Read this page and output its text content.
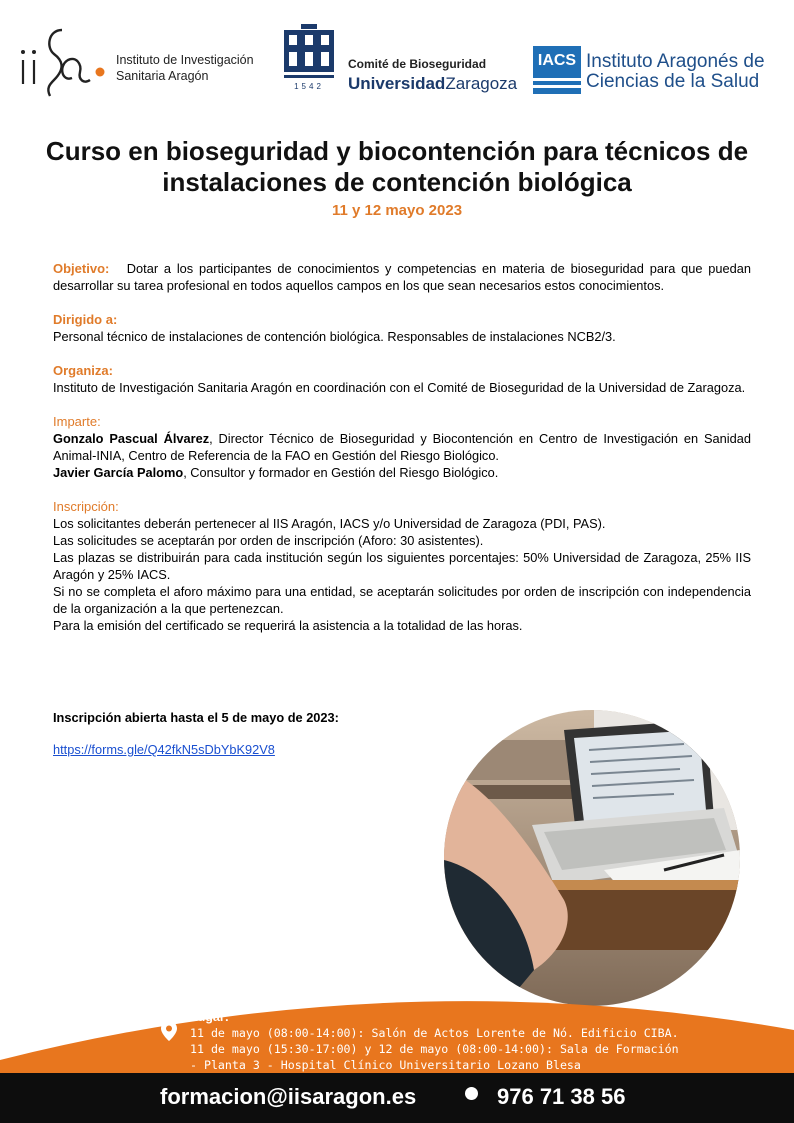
Instituto de Investigación
Sanitaria Aragón
1542
Comité de Bioseguridad
UniversidadZaragoza
IACS Instituto Aragonés de
Ciencias de la Salud
Curso en bioseguridad y biocontención para técnicos de
instalaciones de contención biológica
11 y 12 mayo 2023
Objetivo: Dotar a los participantes de conocimientos y competencias en materia de bioseguridad para que puedan desarrollar su tarea profesional en todos aquellos campos en los que sean necesarios estos conocimientos.
Dirigido a:

Personal técnico de instalaciones de contención biológica. Responsables de instalaciones NCB2/3.

Organiza:

Instituto de Investigación Sanitaria Aragón en coordinación con el Comité de Bioseguridad de la Universidad de Zaragoza.

Imparte:

Gonzalo Pascual Álvarez, Director Técnico de Bioseguridad y Biocontención en Centro de Investigación en Sanidad Animal-INIA, Centro de Referencia de la FAO en Gestión del Riesgo Biológico.

Javier García Palomo, Consultor y formador en Gestión del Riesgo Biológico.

Inscripción:

Los solicitantes deberán pertenecer al IIS Aragón, IACS y/o Universidad de Zaragoza (PDI, PAS).

Las solicitudes se aceptarán por orden de inscripción (Aforo: 30 asistentes).

Las plazas se distribuirán para cada institución según los siguientes porcentajes: 50% Universidad de Zaragoza, 25% IIS Aragón y 25% IACS.

Si no se completa el aforo máximo para una entidad, se aceptarán solicitudes por orden de inscripción con independencia de la organización a la que pertenezcan.

Para la emisión del certificado se requerirá la asistencia a la totalidad de las horas.

Inscripción abierta hasta el 5 de mayo de 2023:
https://forms.gle/Q42fkN5sDbYbK92V8
Lugar:
11 de mayo (08:00-14:00): Salón de Actos Lorente de Nó. Edificio CIBA.
11 de mayo (15:30-17:00) y 12 de mayo (08:00-14:00): Sala de Formación
- Planta 3 - Hospital Clínico Universitario Lozano Blesa
formacion@iisaragon.es	976 71 38 56
